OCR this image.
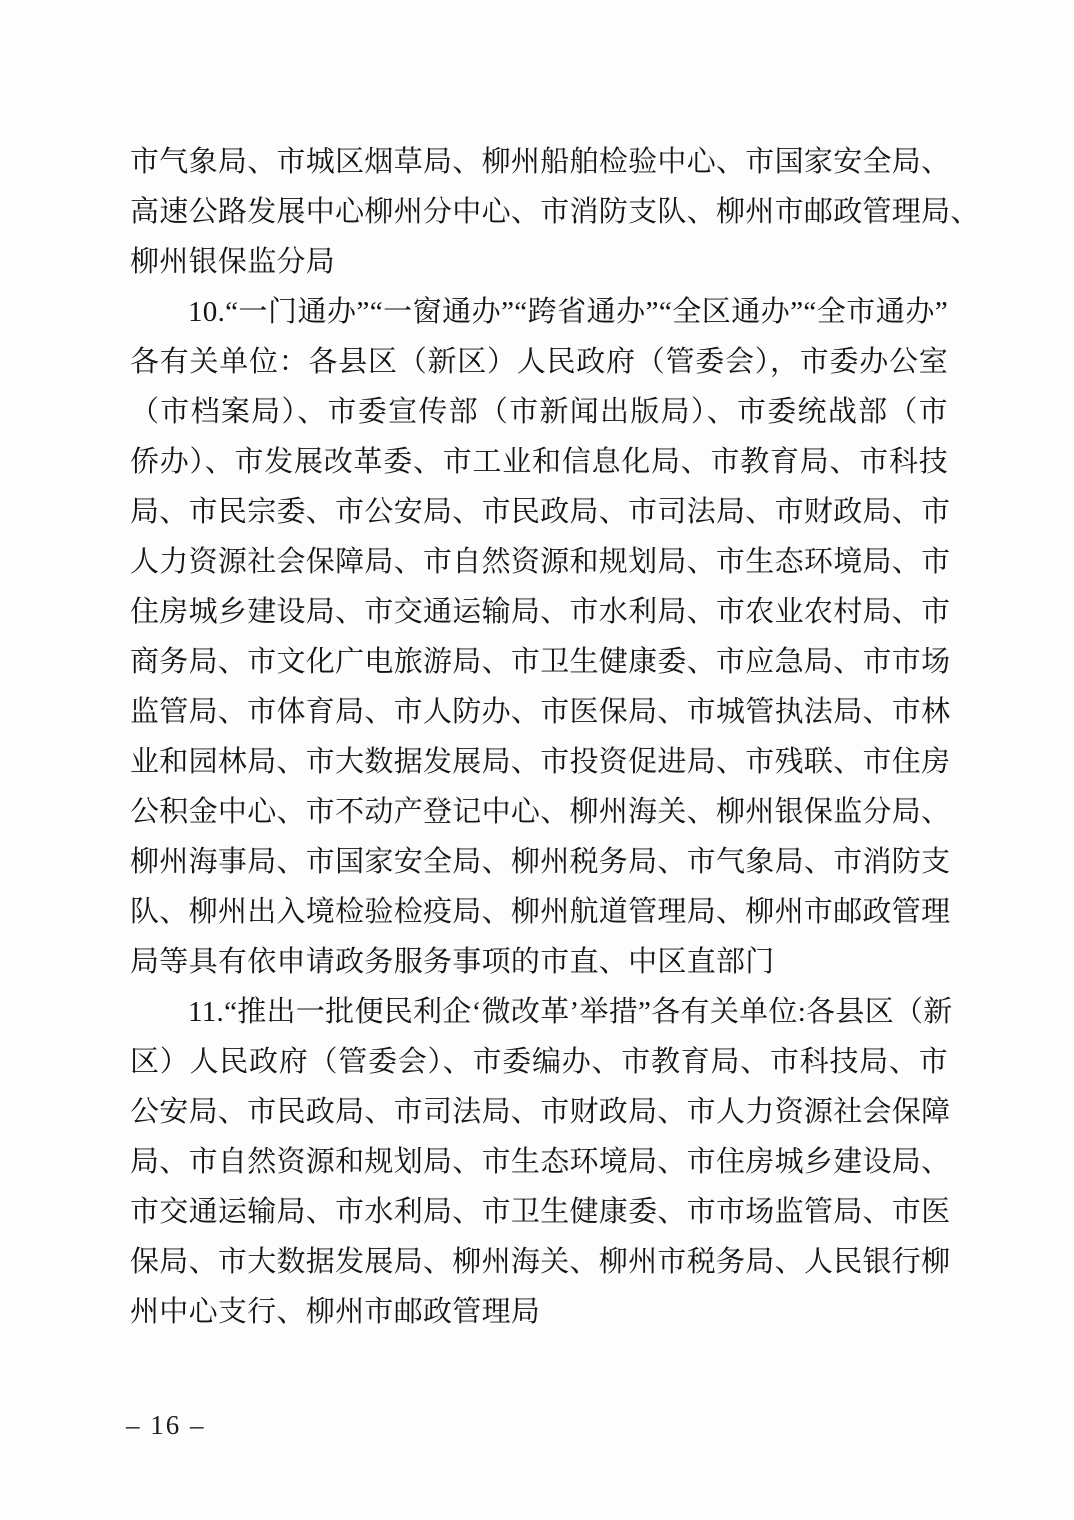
市气象局、市城区烟草局、柳州船舶检验中心、市国家安全局、
高速公路发展中心柳州分中心、市消防支队、柳州市邮政管理局、
柳州银保监分局
10.“一门通办”“一窗通办”“跨省通办”“全区通办”“全市通办”
各有关单位：各县区（新区）人民政府（管委会），市委办公室
（市档案局）、市委宣传部（市新闻出版局）、市委统战部（市
侨办）、市发展改革委、市工业和信息化局、市教育局、市科技
局、市民宗委、市公安局、市民政局、市司法局、市财政局、市
人力资源社会保障局、市自然资源和规划局、市生态环境局、市
住房城乡建设局、市交通运输局、市水利局、市农业农村局、市
商务局、市文化广电旅游局、市卫生健康委、市应急局、市市场
监管局、市体育局、市人防办、市医保局、市城管执法局、市林
业和园林局、市大数据发展局、市投资促进局、市残联、市住房
公积金中心、市不动产登记中心、柳州海关、柳州银保监分局、
柳州海事局、市国家安全局、柳州税务局、市气象局、市消防支
队、柳州出入境检验检疫局、柳州航道管理局、柳州市邮政管理
局等具有依申请政务服务事项的市直、中区直部门
11.“推出一批便民利企‘微改革’举措”各有关单位:各县区（新
区）人民政府（管委会）、市委编办、市教育局、市科技局、市
公安局、市民政局、市司法局、市财政局、市人力资源社会保障
局、市自然资源和规划局、市生态环境局、市住房城乡建设局、
市交通运输局、市水利局、市卫生健康委、市市场监管局、市医
保局、市大数据发展局、柳州海关、柳州市税务局、人民银行柳
州中心支行、柳州市邮政管理局
– 16 –
